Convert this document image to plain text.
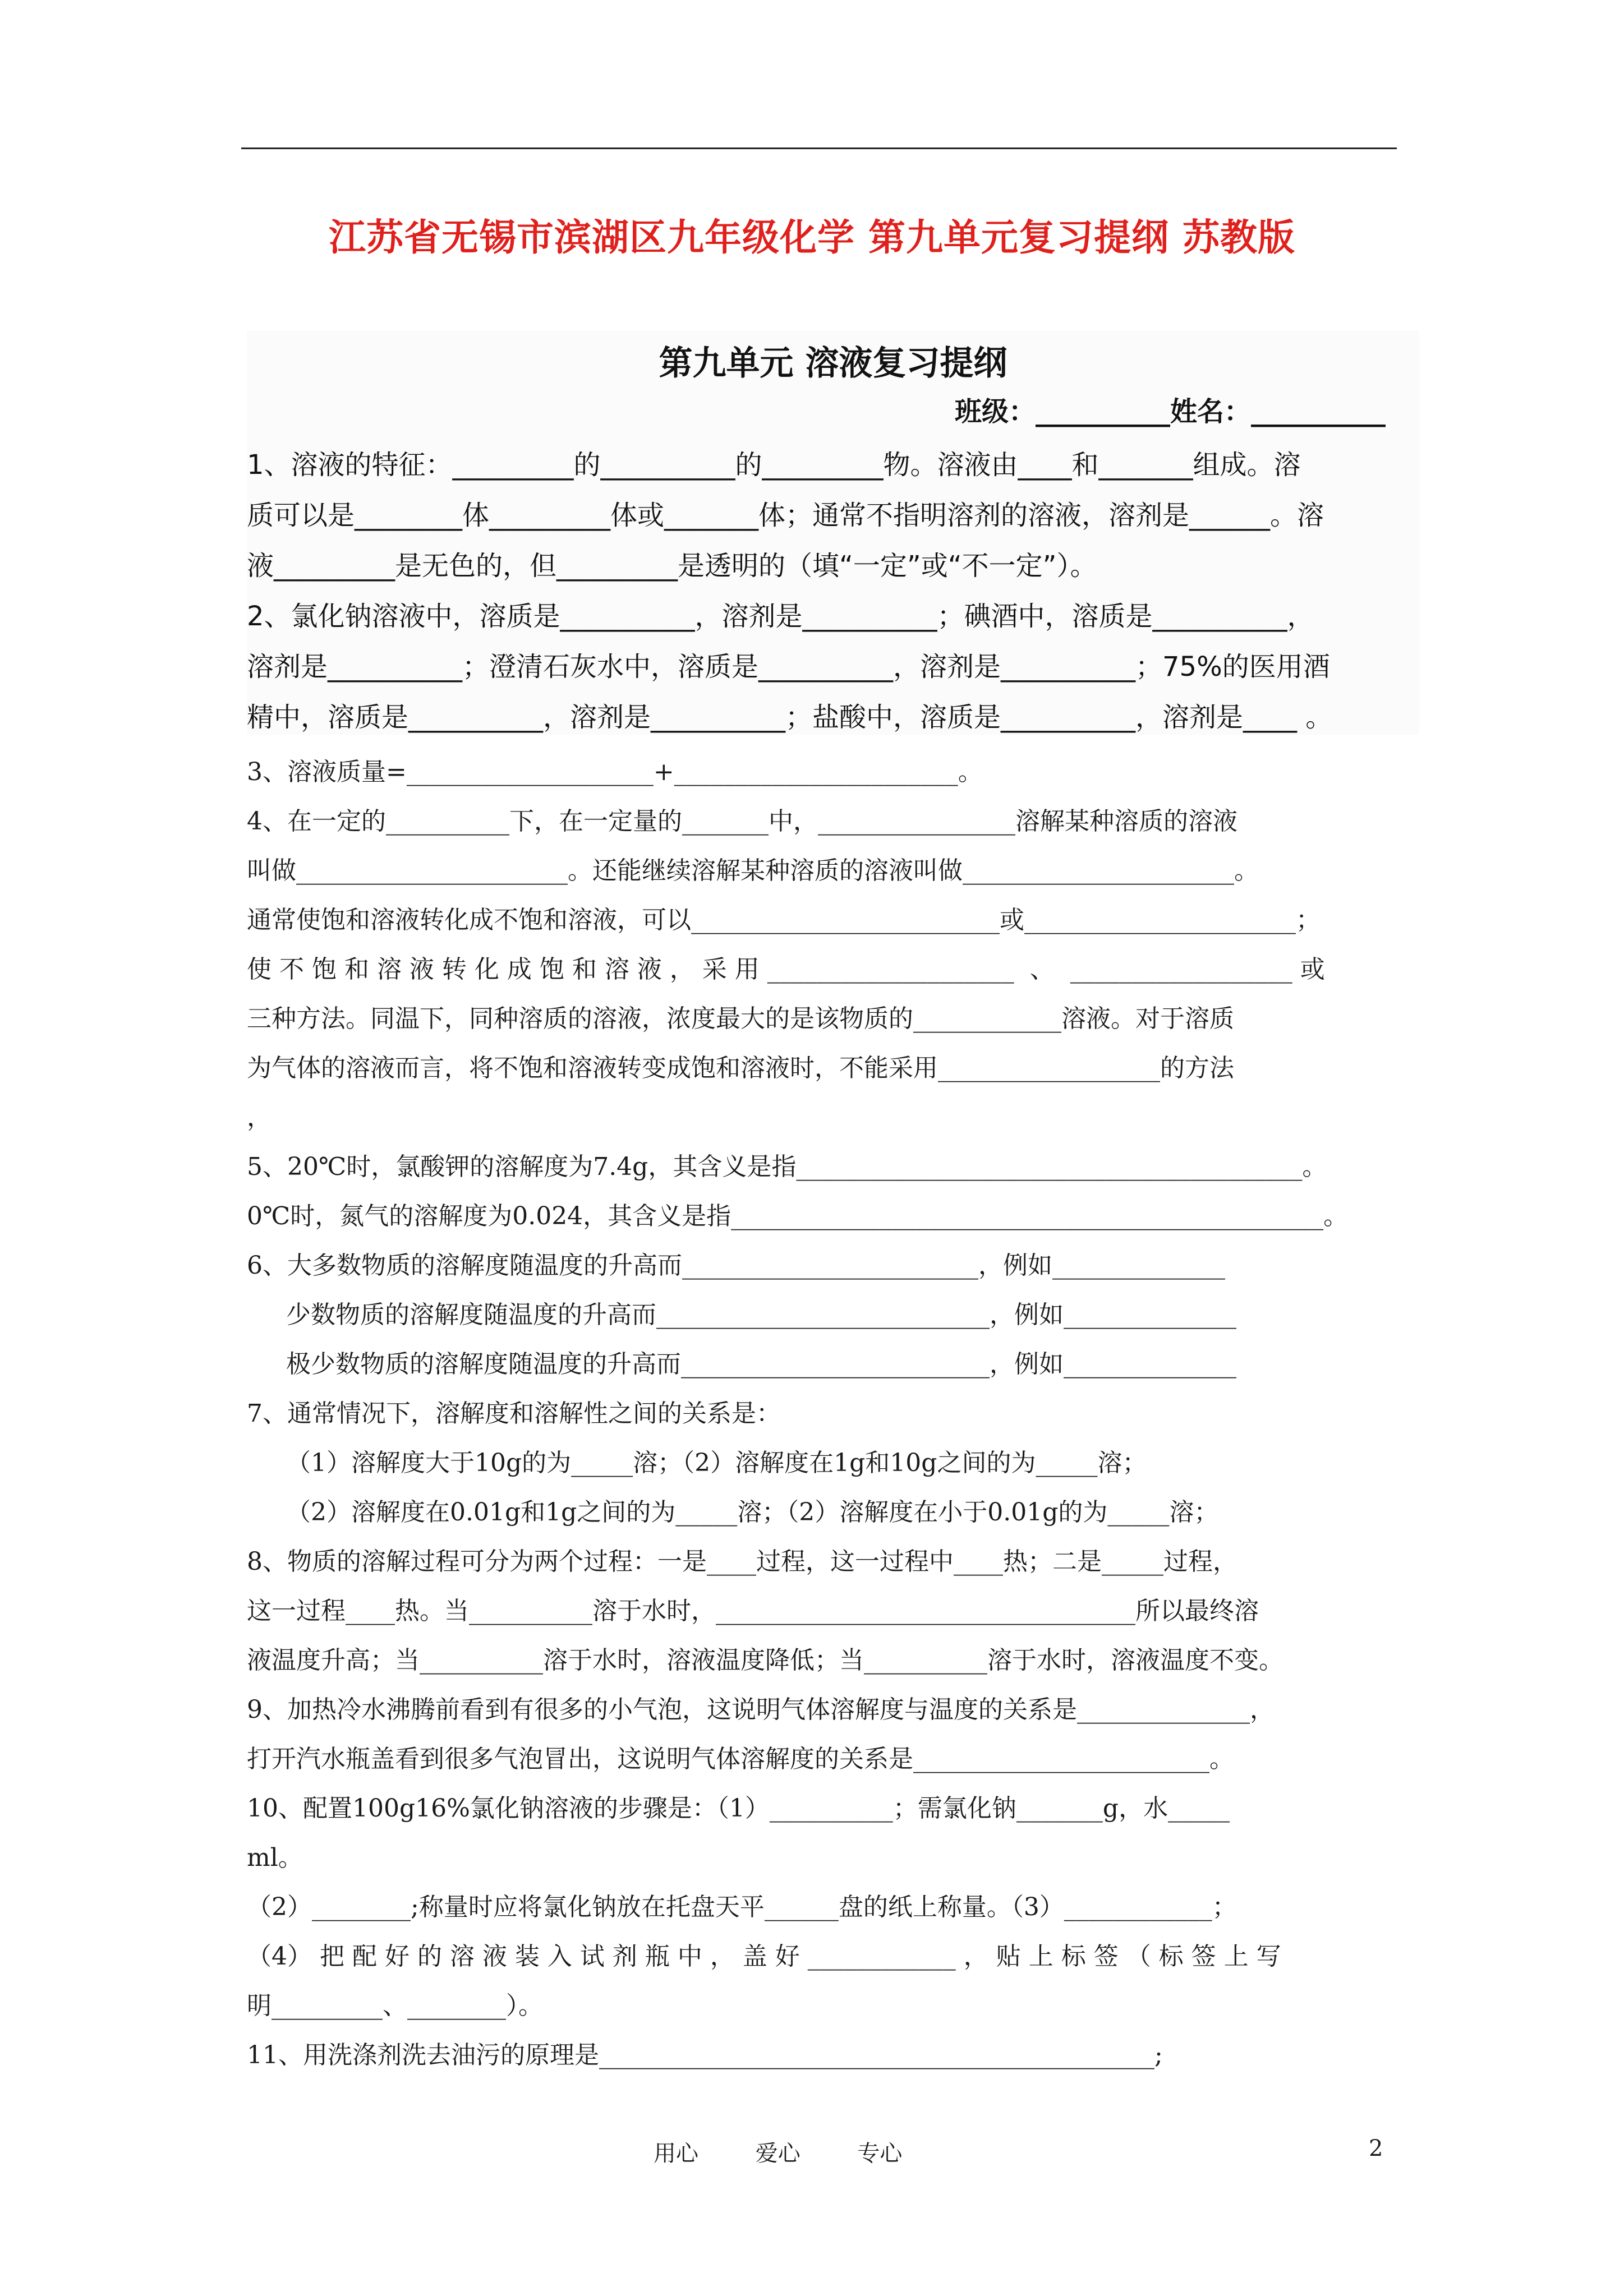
江苏省无锡市滨湖区九年级化学 第九单元复习提纲 苏教版
第九单元 溶液复习提纲
班级：__________姓名：__________
1、溶液的特征：_________的__________的_________物。溶液由____和_______组成。溶
质可以是________体_________体或_______体；通常不指明溶剂的溶液，溶剂是______。溶
液_________是无色的，但_________是透明的（填“一定”或“不一定”）。
2、氯化钠溶液中，溶质是__________，溶剂是__________；碘酒中，溶质是__________，
溶剂是__________；澄清石灰水中，溶质是__________，溶剂是__________；75%的医用酒
精中，溶质是__________，溶剂是__________；盐酸中，溶质是__________，溶剂是____ 。
3、溶液质量=____________________+_______________________。
4、在一定的__________下，在一定量的_______中，________________溶解某种溶质的溶液
叫做______________________。还能继续溶解某种溶质的溶液叫做______________________。
通常使饱和溶液转化成不饱和溶液，可以_________________________或______________________；
使 不 饱 和 溶 液 转 化 成 饱 和 溶 液 ， 采 用 ____________________  、  __________________ 或
三种方法。同温下，同种溶质的溶液，浓度最大的是该物质的____________溶液。对于溶质
为气体的溶液而言，将不饱和溶液转变成饱和溶液时，不能采用__________________的方法
，
5、20℃时，氯酸钾的溶解度为7.4g，其含义是指_________________________________________。
0℃时，氮气的溶解度为0.024，其含义是指________________________________________________。
6、大多数物质的溶解度随温度的升高而________________________，例如______________
少数物质的溶解度随温度的升高而___________________________，例如______________
极少数物质的溶解度随温度的升高而_________________________，例如______________
7、通常情况下，溶解度和溶解性之间的关系是：
（1）溶解度大于10g的为_____溶；（2）溶解度在1g和10g之间的为_____溶；
（2）溶解度在0.01g和1g之间的为_____溶；（2）溶解度在小于0.01g的为_____溶；
8、物质的溶解过程可分为两个过程：一是____过程，这一过程中____热；二是_____过程，
这一过程____热。当__________溶于水时，__________________________________所以最终溶
液温度升高；当__________溶于水时，溶液温度降低；当__________溶于水时，溶液温度不变。
9、加热冷水沸腾前看到有很多的小气泡，这说明气体溶解度与温度的关系是______________，
打开汽水瓶盖看到很多气泡冒出，这说明气体溶解度的关系是________________________。
10、配置100g16%氯化钠溶液的步骤是：（1）__________；需氯化钠_______g，水_____
ml。
（2）________;称量时应将氯化钠放在托盘天平______盘的纸上称量。（3）____________；
（4） 把 配 好 的 溶 液 装 入 试 剂 瓶 中 ， 盖 好 ____________ ， 贴 上 标 签 （ 标 签 上 写
明_________、________）。
11、用洗涤剂洗去油污的原理是_____________________________________________;
用心        爱心        专心	2
